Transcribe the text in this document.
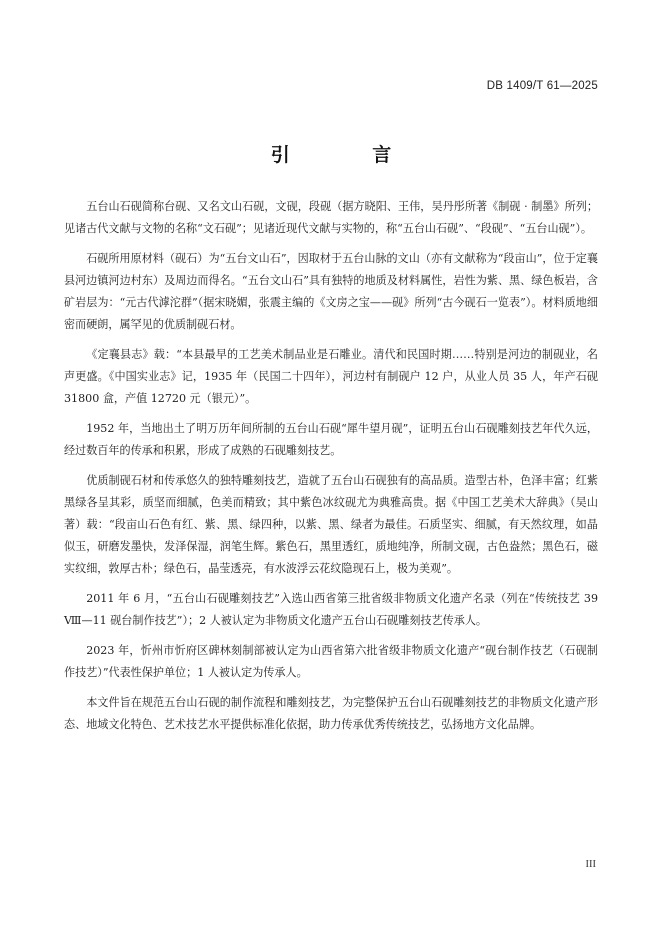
DB 1409/T 61—2025
引 言

五台山石砚简称台砚、又名文山石砚，文砚，段砚（据方晓阳、王伟，吴丹彤所著《制砚 · 制墨》所列；见诸古代文献与文物的名称“文石砚”；见诸近现代文献与实物的，称“五台山石砚”、“段砚”、“五台山砚”）。

石砚所用原材料（砚石）为“五台文山石”，因取材于五台山脉的文山（亦有文献称为“段亩山”，位于定襄县河边镇河边村东）及周边而得名。“五台文山石”具有独特的地质及材料属性，岩性为紫、黑、绿色板岩，含矿岩层为：“元古代滹沱群”（据宋晓媚，张震主编的《文房之宝——砚》所列“古今砚石一览表”）。材料质地细密而硬朗，属罕见的优质制砚石材。

《定襄县志》载：“本县最早的工艺美术制品业是石雕业。清代和民国时期……特别是河边的制砚业，名声更盛。《中国实业志》记，1935 年（民国二十四年），河边村有制砚户 12 户，从业人员 35 人，年产石砚 31800 盒，产值 12720 元（银元）”。

1952 年，当地出土了明万历年间所制的五台山石砚“犀牛望月砚”，证明五台山石砚雕刻技艺年代久远，经过数百年的传承和积累，形成了成熟的石砚雕刻技艺。

优质制砚石材和传承悠久的独特雕刻技艺，造就了五台山石砚独有的高品质。造型古朴，色泽丰富；红紫黑绿各呈其彩，质坚而细腻，色美而精致；其中紫色冰纹砚尤为典雅高贵。据《中国工艺美术大辞典》（吴山著）载：“段亩山石色有红、紫、黑、绿四种，以紫、黑、绿者为最佳。石质坚实、细腻，有天然纹理，如晶似玉，研磨发墨快，发泽保湿，润笔生辉。紫色石，黑里透红，质地纯净，所制文砚，古色盎然；黑色石，磁实纹细，敦厚古朴；绿色石，晶莹透亮，有水波浮云花纹隐现石上，极为美观”。

2011 年 6 月，“五台山石砚雕刻技艺”入选山西省第三批省级非物质文化遗产名录（列在“传统技艺 39 Ⅷ—11 砚台制作技艺”）；2 人被认定为非物质文化遗产五台山石砚雕刻技艺传承人。

2023 年，忻州市忻府区碑林刻制部被认定为山西省第六批省级非物质文化遗产“砚台制作技艺（石砚制作技艺）”代表性保护单位；1 人被认定为传承人。

本文件旨在规范五台山石砚的制作流程和雕刻技艺，为完整保护五台山石砚雕刻技艺的非物质文化遗产形态、地域文化特色、艺术技艺水平提供标准化依据，助力传承优秀传统技艺，弘扬地方文化品牌。

III
